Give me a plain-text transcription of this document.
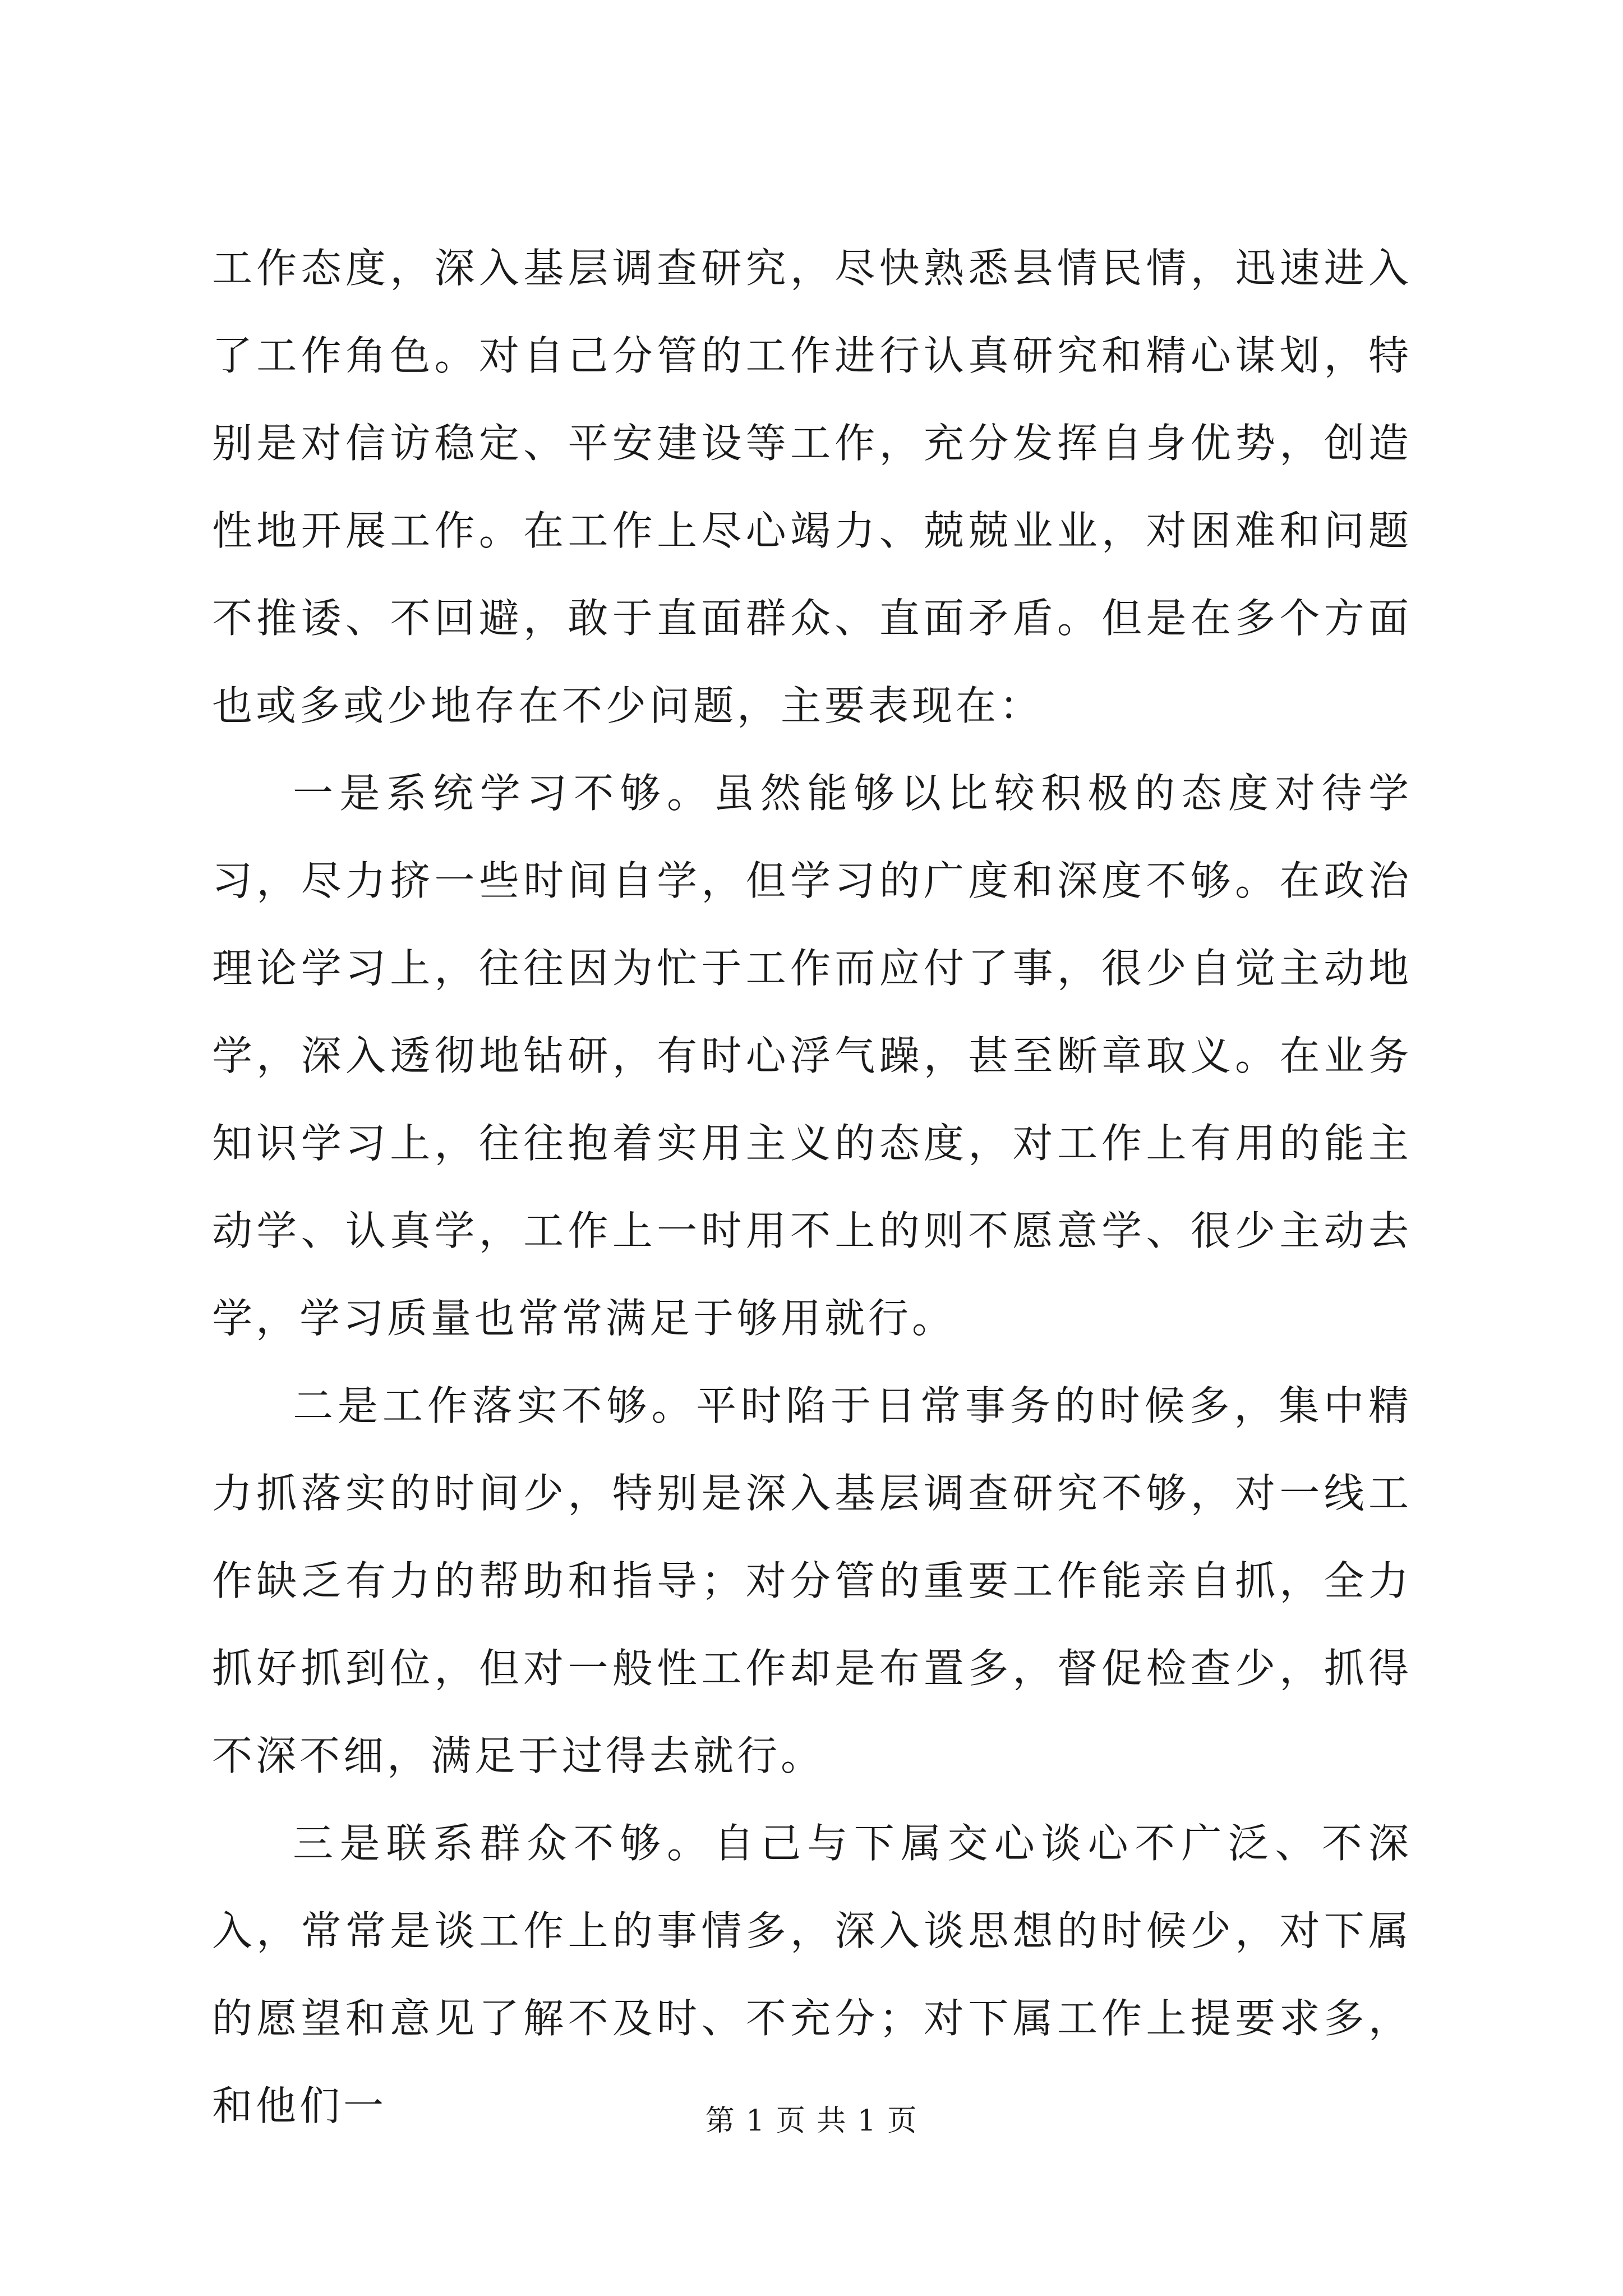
工作态度，深入基层调查研究，尽快熟悉县情民情，迅速进入了工作角色。对自己分管的工作进行认真研究和精心谋划，特别是对信访稳定、平安建设等工作，充分发挥自身优势，创造性地开展工作。在工作上尽心竭力、兢兢业业，对困难和问题不推诿、不回避，敢于直面群众、直面矛盾。但是在多个方面也或多或少地存在不少问题，主要表现在：

一是系统学习不够。虽然能够以比较积极的态度对待学习，尽力挤一些时间自学，但学习的广度和深度不够。在政治理论学习上，往往因为忙于工作而应付了事，很少自觉主动地学，深入透彻地钻研，有时心浮气躁，甚至断章取义。在业务知识学习上，往往抱着实用主义的态度，对工作上有用的能主动学、认真学，工作上一时用不上的则不愿意学、很少主动去学，学习质量也常常满足于够用就行。

二是工作落实不够。平时陷于日常事务的时候多，集中精力抓落实的时间少，特别是深入基层调查研究不够，对一线工作缺乏有力的帮助和指导；对分管的重要工作能亲自抓，全力抓好抓到位，但对一般性工作却是布置多，督促检查少，抓得不深不细，满足于过得去就行。

三是联系群众不够。自己与下属交心谈心不广泛、不深入，常常是谈工作上的事情多，深入谈思想的时候少，对下属的愿望和意见了解不及时、不充分；对下属工作上提要求多，和他们一	第 1 页 共 1 页
